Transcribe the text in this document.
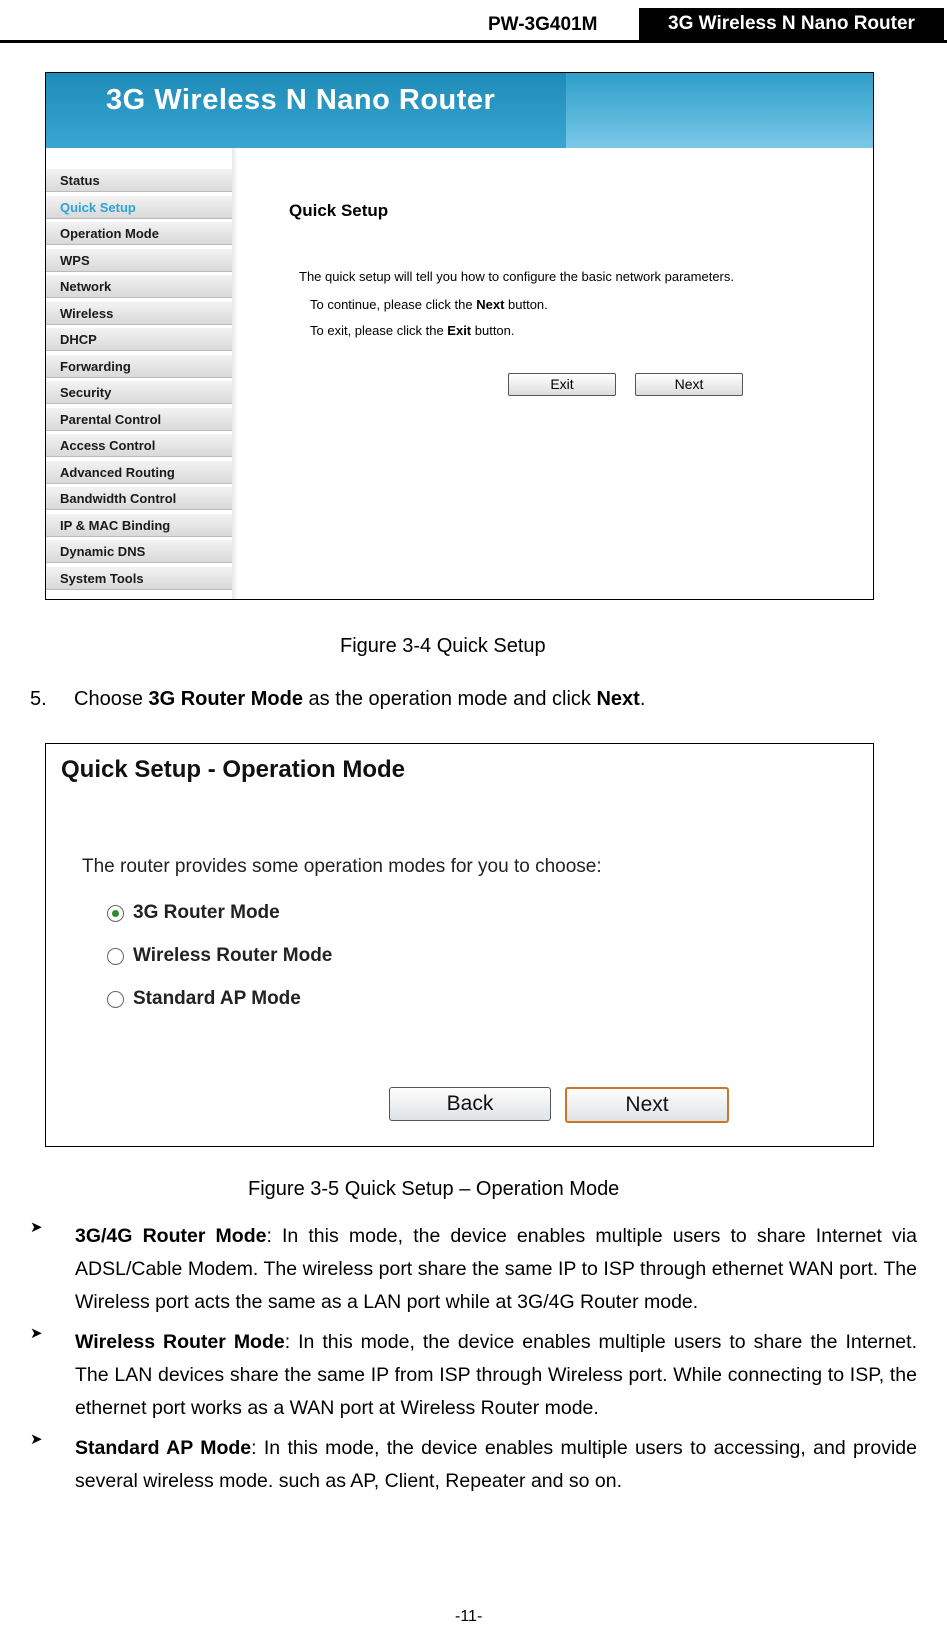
PW-3G401M	3G Wireless N Nano Router
3G Wireless N Nano Router
Status
Quick Setup
Operation Mode
WPS
Network
Wireless
DHCP
Forwarding
Security
Parental Control
Access Control
Advanced Routing
Bandwidth Control
IP & MAC Binding
Dynamic DNS
System Tools
Quick Setup
The quick setup will tell you how to configure the basic network parameters.
To continue, please click the Next button.
To exit, please click the Exit button.
Exit	Next
Figure 3-4 Quick Setup
5. Choose 3G Router Mode as the operation mode and click Next.
Quick Setup - Operation Mode
The router provides some operation modes for you to choose:
3G Router Mode
Wireless Router Mode
Standard AP Mode
Back	Next
Figure 3-5 Quick Setup – Operation Mode
3G/4G Router Mode: In this mode, the device enables multiple users to share Internet via ADSL/Cable Modem. The wireless port share the same IP to ISP through ethernet WAN port. The Wireless port acts the same as a LAN port while at 3G/4G Router mode.
Wireless Router Mode: In this mode, the device enables multiple users to share the Internet. The LAN devices share the same IP from ISP through Wireless port. While connecting to ISP, the ethernet port works as a WAN port at Wireless Router mode.
Standard AP Mode: In this mode, the device enables multiple users to accessing, and provide several wireless mode. such as AP, Client, Repeater and so on.
-11-
